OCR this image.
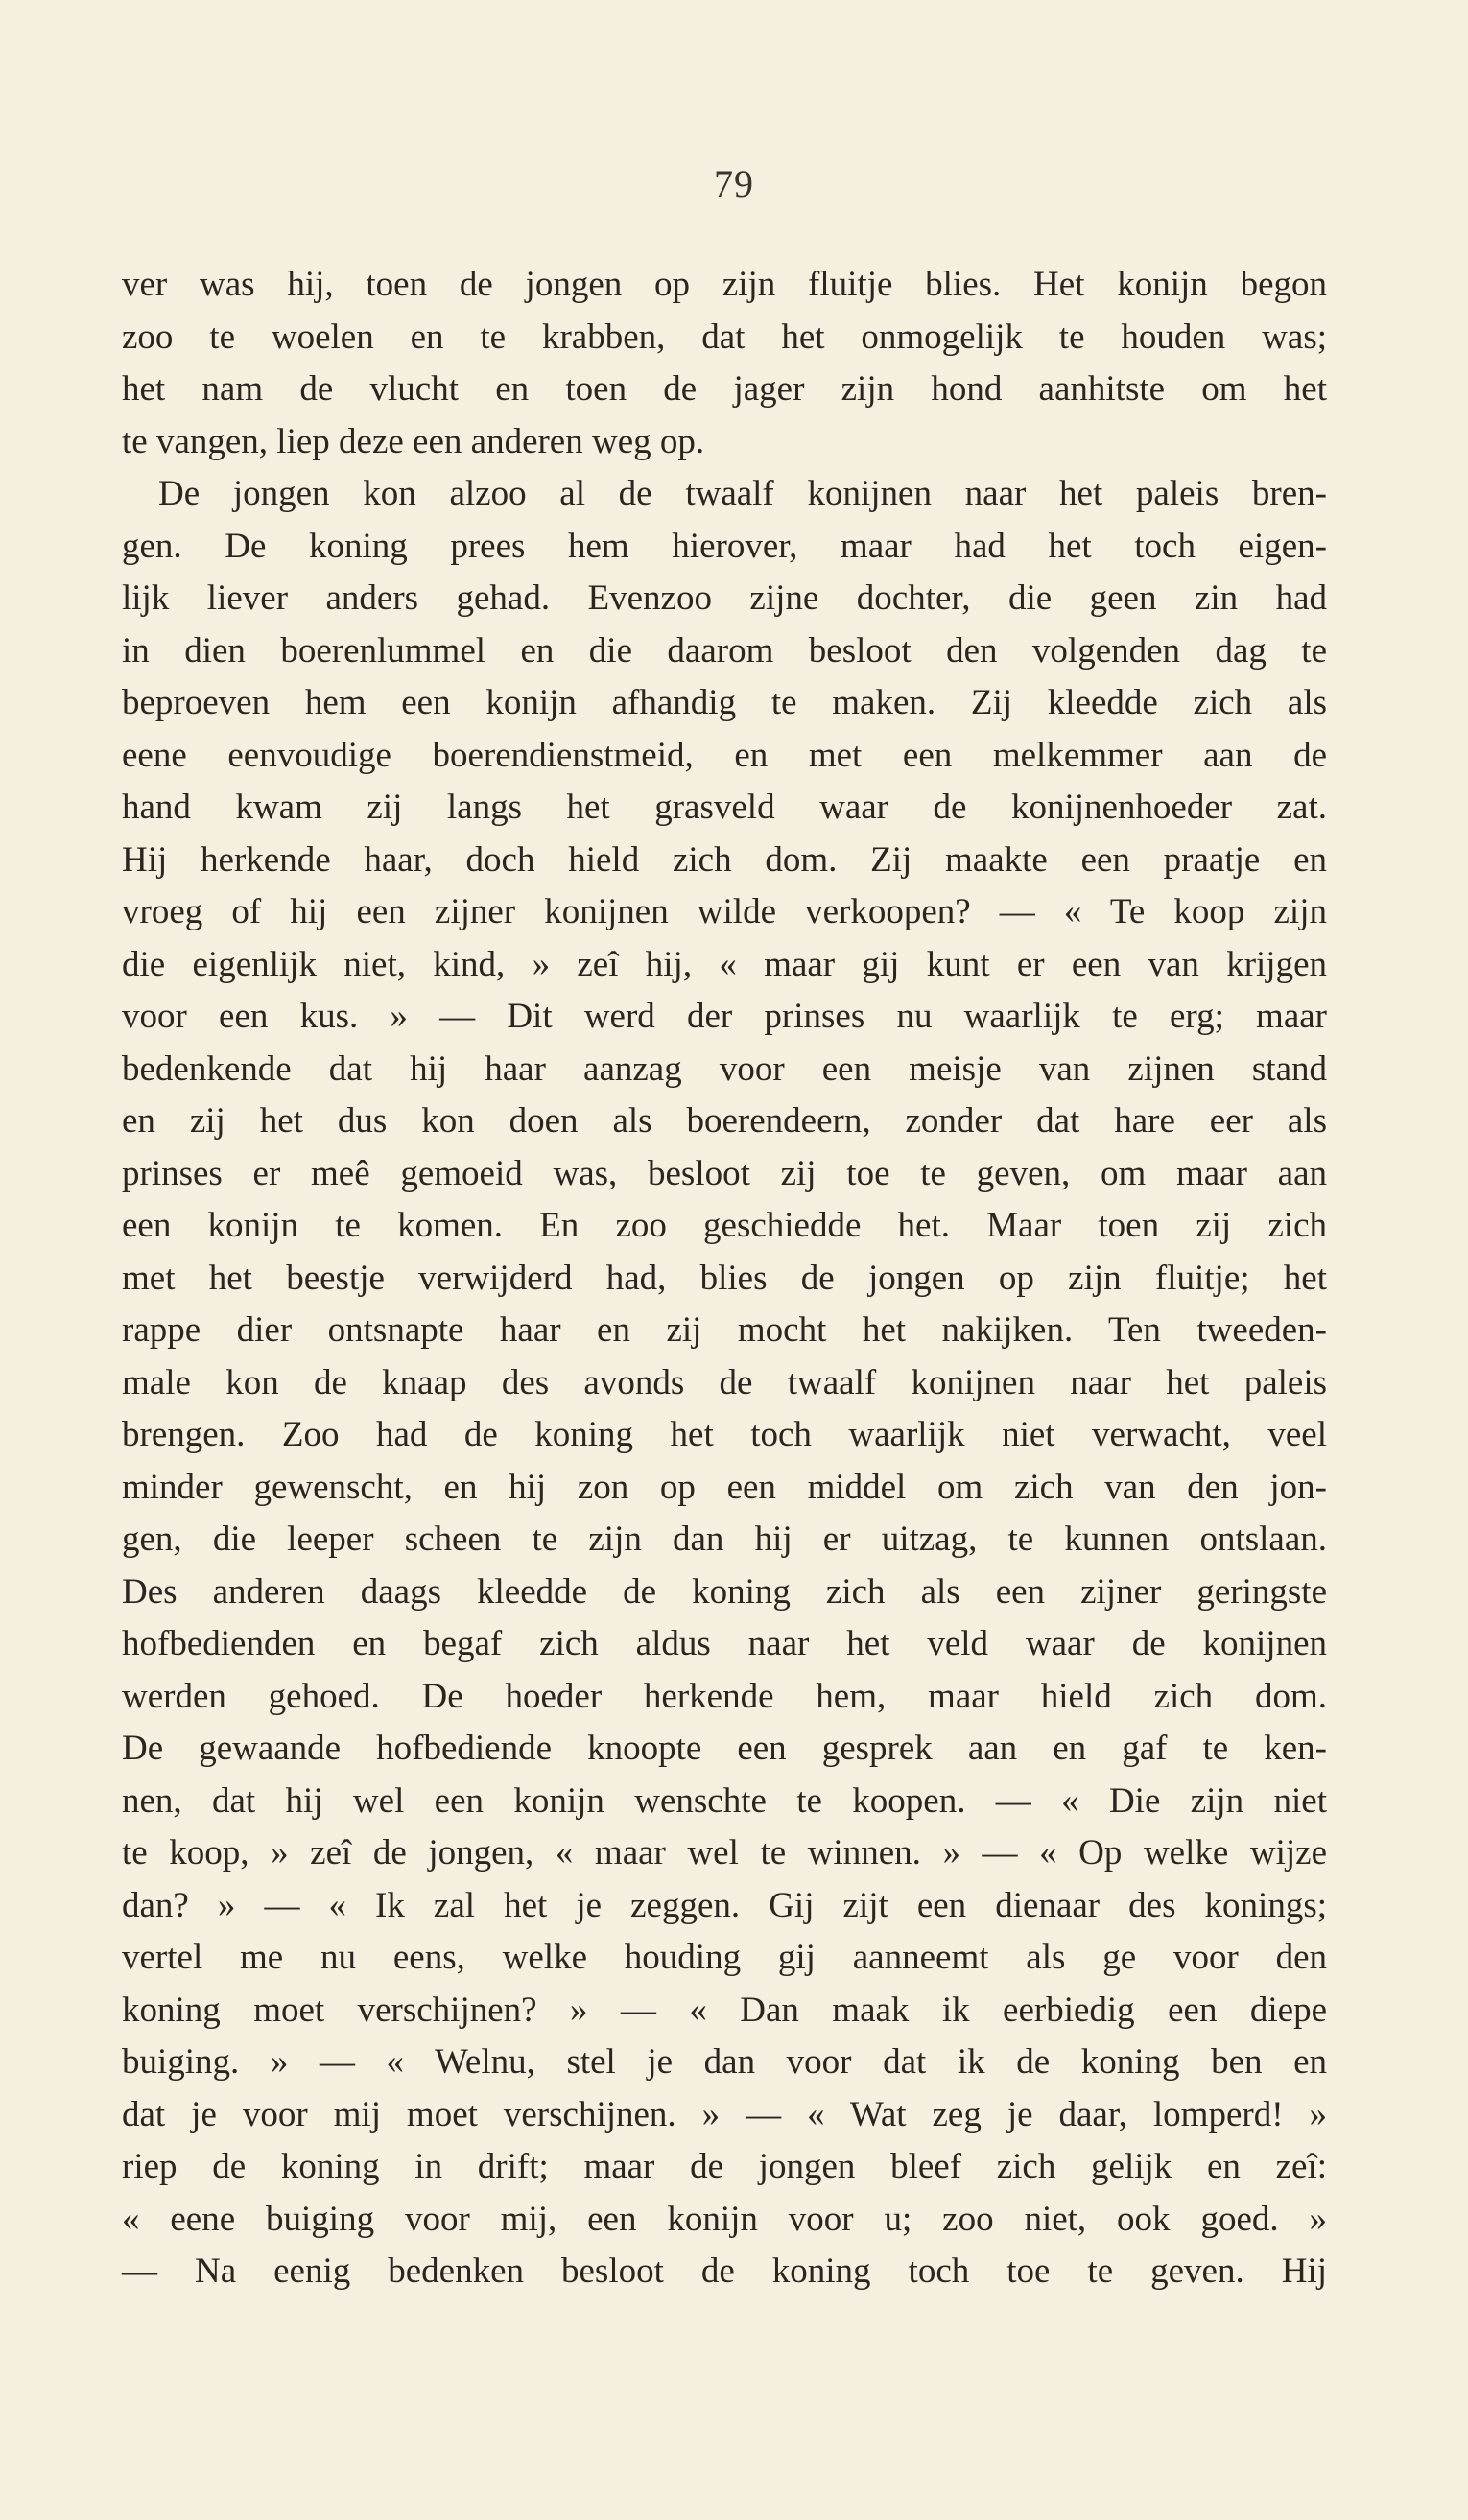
79
ver was hij, toen de jongen op zijn fluitje blies. Het konijn begon
zoo te woelen en te krabben, dat het onmogelijk te houden was;
het nam de vlucht en toen de jager zijn hond aanhitste om het
te vangen, liep deze een anderen weg op.
De jongen kon alzoo al de twaalf konijnen naar het paleis bren-
gen. De koning prees hem hierover, maar had het toch eigen-
lijk liever anders gehad. Evenzoo zijne dochter, die geen zin had
in dien boerenlummel en die daarom besloot den volgenden dag te
beproeven hem een konijn afhandig te maken. Zij kleedde zich als
eene eenvoudige boerendienstmeid, en met een melkemmer aan de
hand kwam zij langs het grasveld waar de konijnenhoeder zat.
Hij herkende haar, doch hield zich dom. Zij maakte een praatje en
vroeg of hij een zijner konijnen wilde verkoopen? — « Te koop zijn
die eigenlijk niet, kind, » zeî hij, « maar gij kunt er een van krijgen
voor een kus. » — Dit werd der prinses nu waarlijk te erg; maar
bedenkende dat hij haar aanzag voor een meisje van zijnen stand
en zij het dus kon doen als boerendeern, zonder dat hare eer als
prinses er meê gemoeid was, besloot zij toe te geven, om maar aan
een konijn te komen. En zoo geschiedde het. Maar toen zij zich
met het beestje verwijderd had, blies de jongen op zijn fluitje; het
rappe dier ontsnapte haar en zij mocht het nakijken. Ten tweeden-
male kon de knaap des avonds de twaalf konijnen naar het paleis
brengen. Zoo had de koning het toch waarlijk niet verwacht, veel
minder gewenscht, en hij zon op een middel om zich van den jon-
gen, die leeper scheen te zijn dan hij er uitzag, te kunnen ontslaan.
Des anderen daags kleedde de koning zich als een zijner geringste
hofbedienden en begaf zich aldus naar het veld waar de konijnen
werden gehoed. De hoeder herkende hem, maar hield zich dom.
De gewaande hofbediende knoopte een gesprek aan en gaf te ken-
nen, dat hij wel een konijn wenschte te koopen. — « Die zijn niet
te koop, » zeî de jongen, « maar wel te winnen. » — « Op welke wijze
dan? » — « Ik zal het je zeggen. Gij zijt een dienaar des konings;
vertel me nu eens, welke houding gij aanneemt als ge voor den
koning moet verschijnen? » — « Dan maak ik eerbiedig een diepe
buiging. » — « Welnu, stel je dan voor dat ik de koning ben en
dat je voor mij moet verschijnen. » — « Wat zeg je daar, lomperd! »
riep de koning in drift; maar de jongen bleef zich gelijk en zeî:
« eene buiging voor mij, een konijn voor u; zoo niet, ook goed. »
— Na eenig bedenken besloot de koning toch toe te geven. Hij
